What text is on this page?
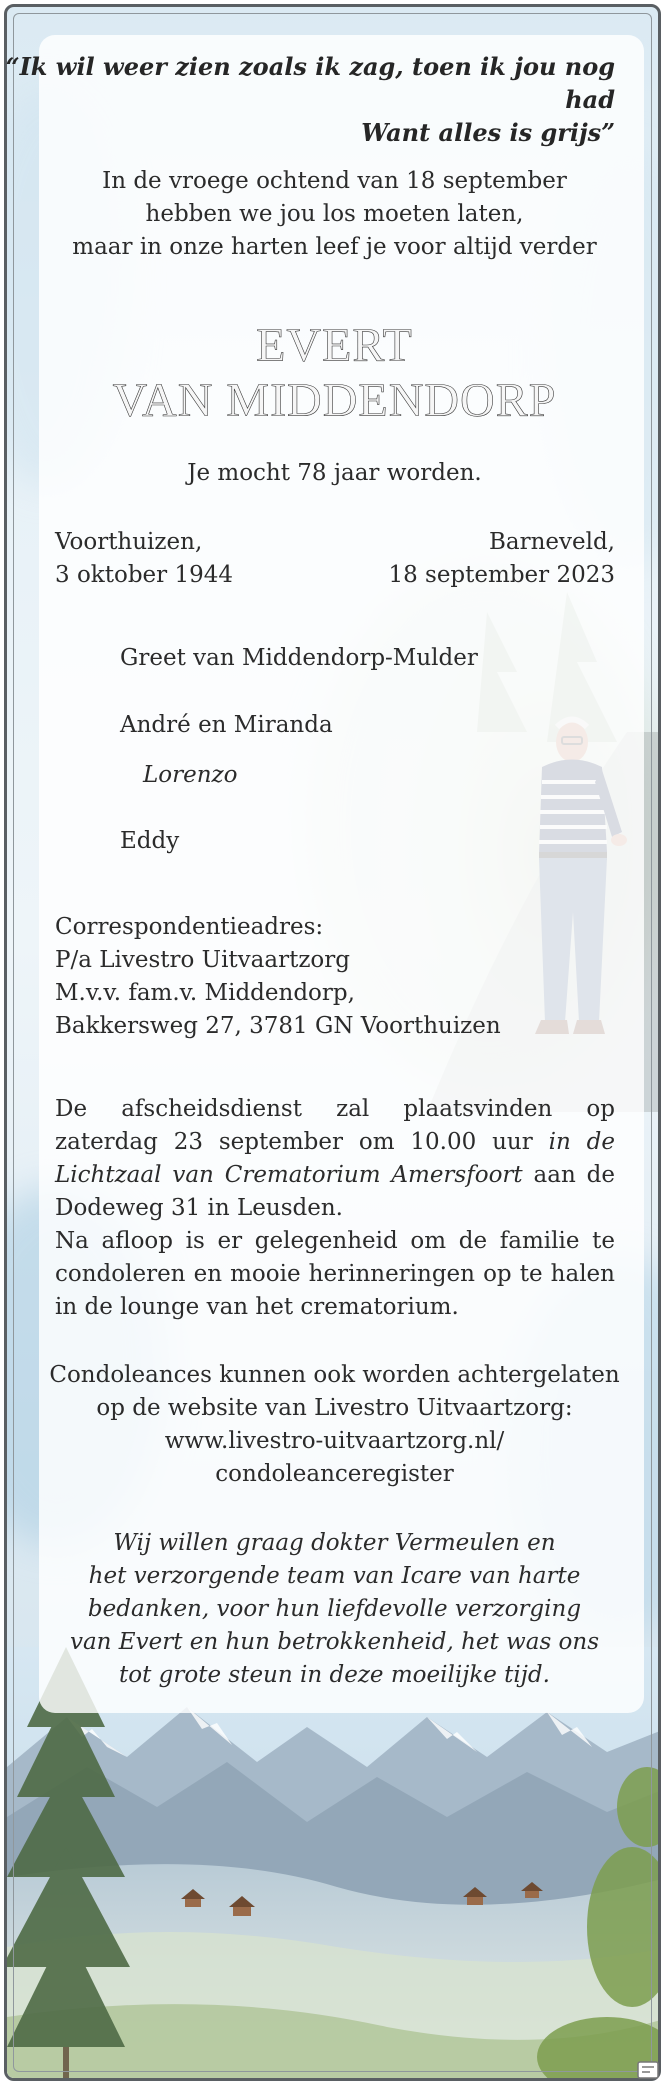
“Ik wil weer zien zoals ik zag, toen ik jou nog had
Want alles is grijs”
In de vroege ochtend van 18 september
hebben we jou los moeten laten,
maar in onze harten leef je voor altijd verder
EVERT
VAN MIDDENDORP
Je mocht 78 jaar worden.
Voorthuizen,
3 oktober 1944
Barneveld,
18 september 2023
Greet van Middendorp-Mulder
André en Miranda
Lorenzo
Eddy
Correspondentieadres:
P/a Livestro Uitvaartzorg
M.v.v. fam.v. Middendorp,
Bakkersweg 27, 3781 GN Voorthuizen
De afscheidsdienst zal plaatsvinden op zaterdag 23 september om 10.00 uur in de Lichtzaal van Crematorium Amersfoort aan de Dodeweg 31 in Leusden.
Na afloop is er gelegenheid om de familie te condoleren en mooie herinneringen op te halen in de lounge van het crematorium.
Condoleances kunnen ook worden achtergelaten
op de website van Livestro Uitvaartzorg:
www.livestro-uitvaartzorg.nl/
condoleanceregister
Wij willen graag dokter Vermeulen en
het verzorgende team van Icare van harte
bedanken, voor hun liefdevolle verzorging
van Evert en hun betrokkenheid, het was ons
tot grote steun in deze moeilijke tijd.
